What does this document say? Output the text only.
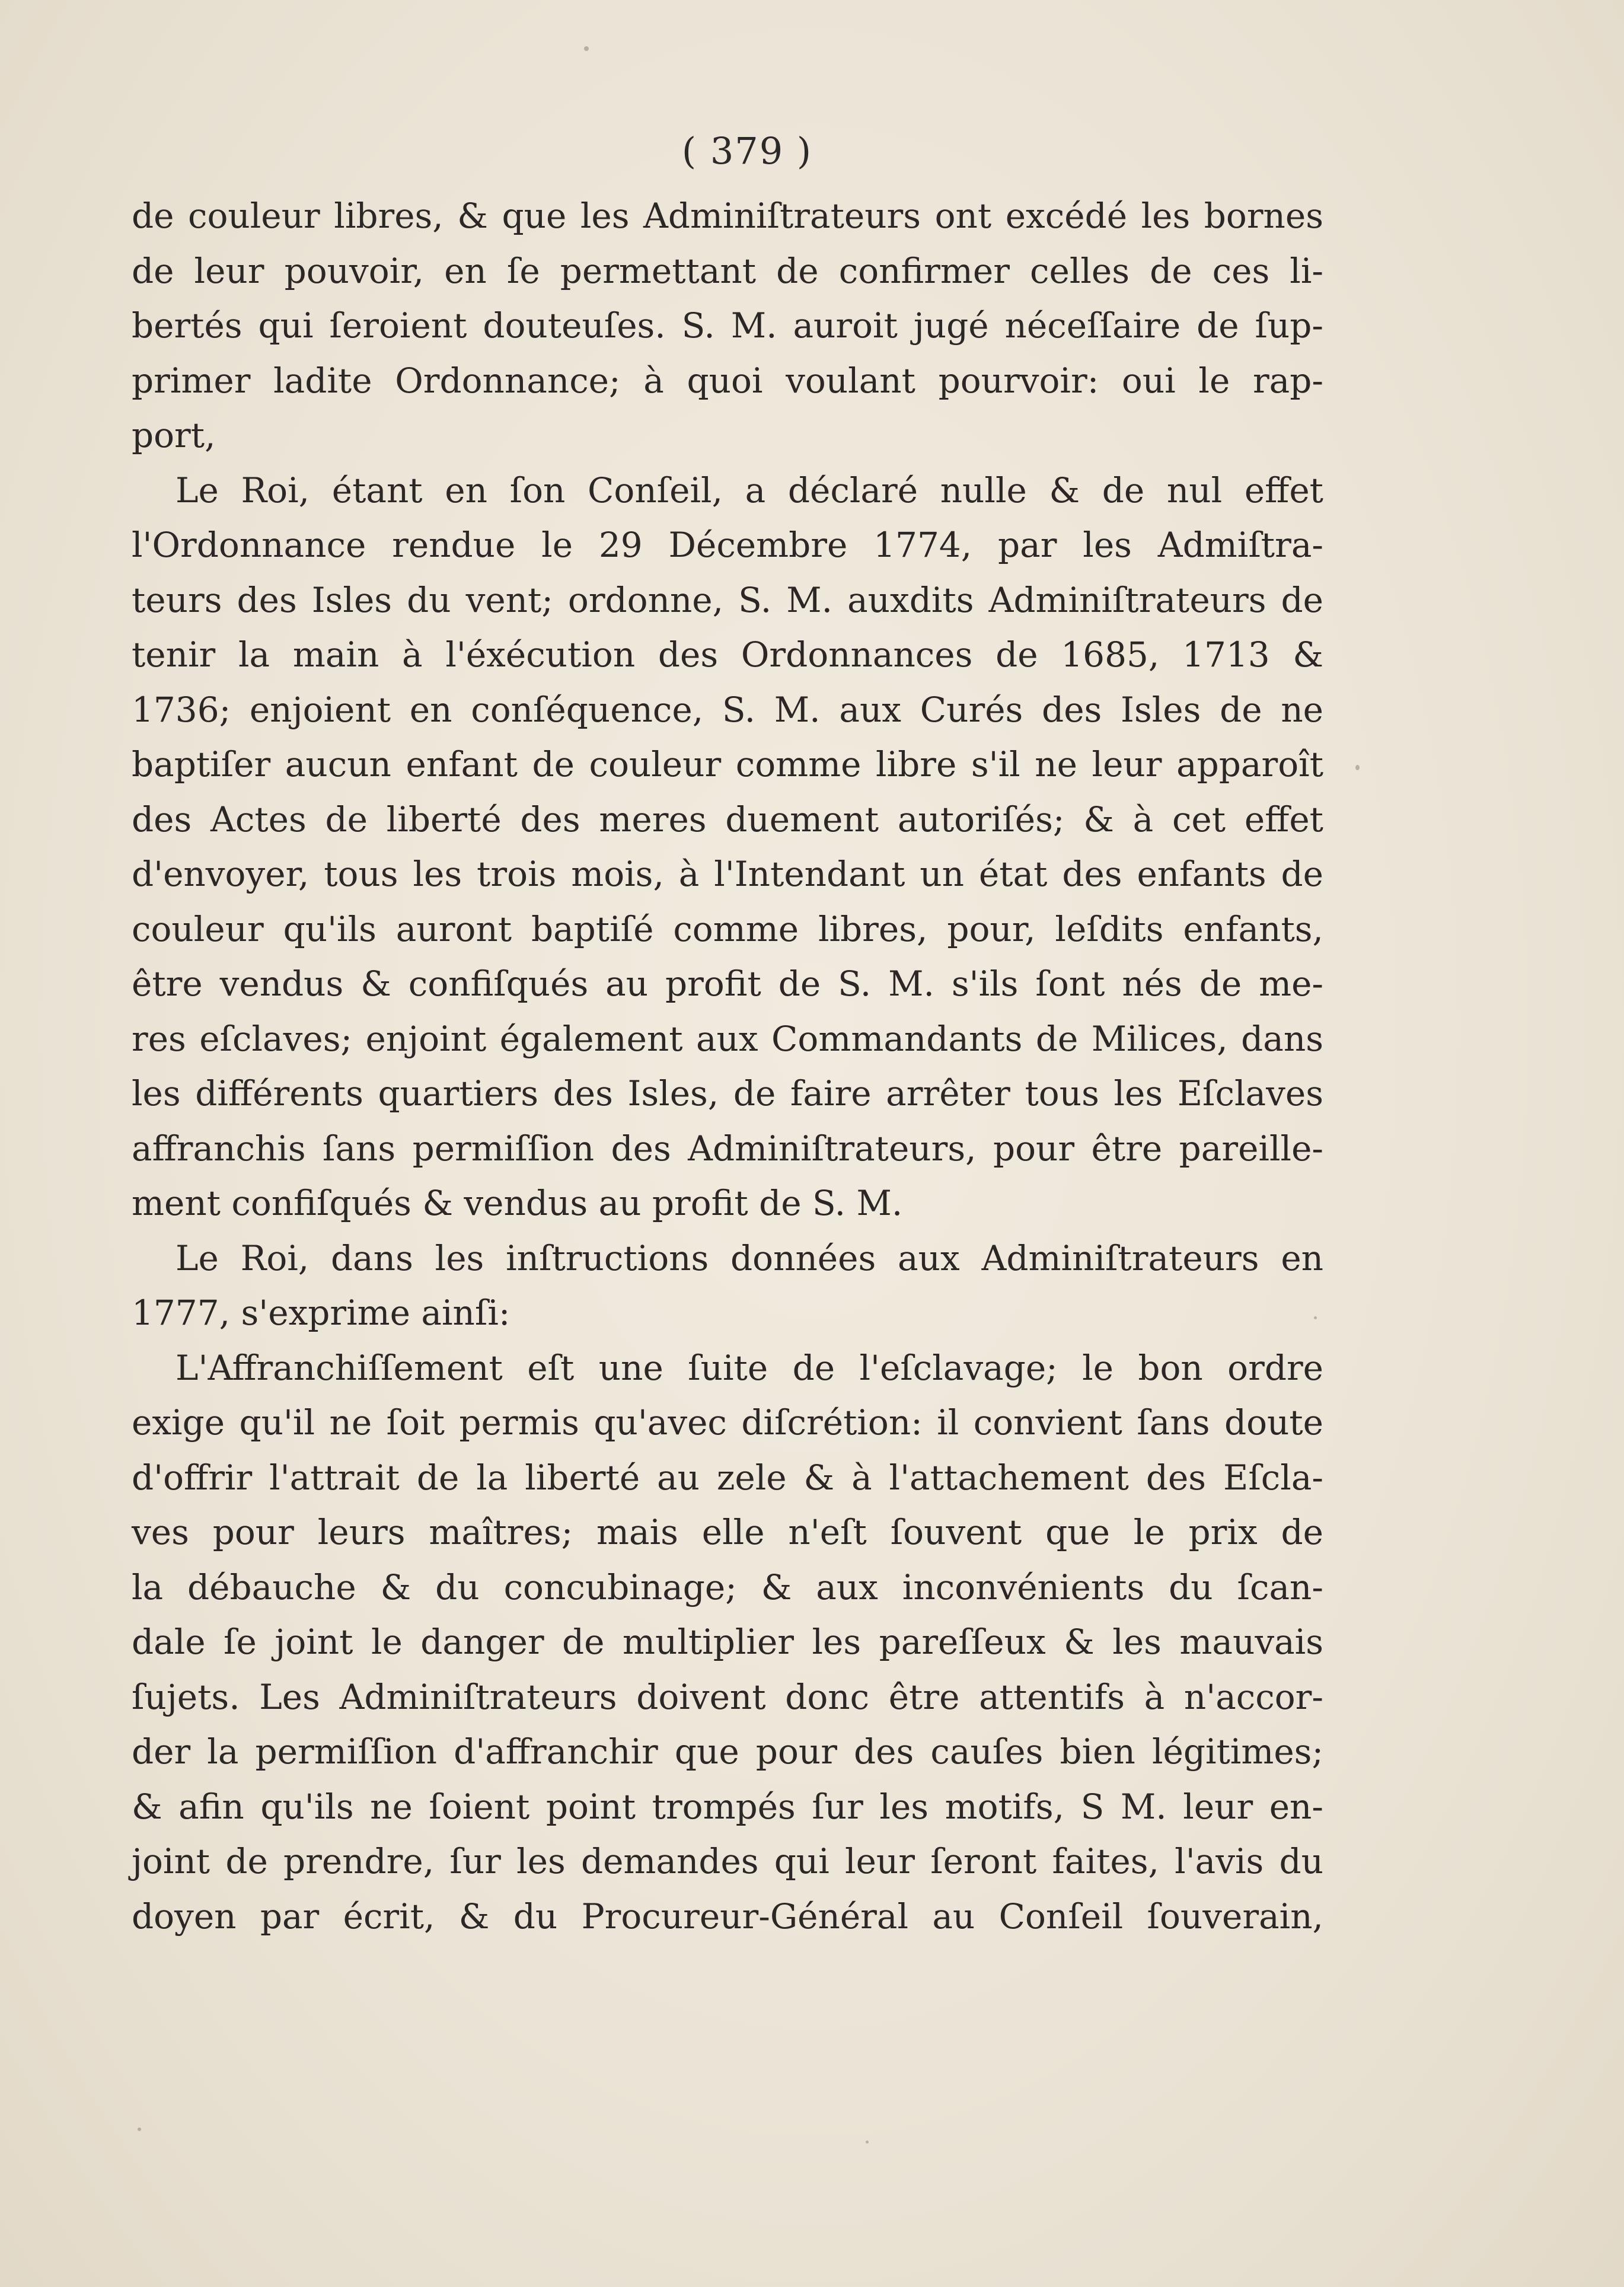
( 379 )
de couleur libres, & que les Adminiſtrateurs ont excédé les bornes
de leur pouvoir, en ſe permettant de confirmer celles de ces li-
bertés qui ſeroient douteuſes. S. M. auroit jugé néceſſaire de ſup-
primer ladite Ordonnance; à quoi voulant pourvoir: oui le rap-
port,
Le Roi, étant en ſon Conſeil, a déclaré nulle & de nul effet
l'Ordonnance rendue le 29 Décembre 1774, par les Admiſtra-
teurs des Isles du vent; ordonne, S. M. auxdits Adminiſtrateurs de
tenir la main à l'éxécution des Ordonnances de 1685, 1713 &
1736; enjoient en conſéquence, S. M. aux Curés des Isles de ne
baptiſer aucun enfant de couleur comme libre s'il ne leur apparoît
des Actes de liberté des meres duement autoriſés; & à cet effet
d'envoyer, tous les trois mois, à l'Intendant un état des enfants de
couleur qu'ils auront baptiſé comme libres, pour, leſdits enfants,
être vendus & confiſqués au profit de S. M. s'ils ſont nés de me-
res eſclaves; enjoint également aux Commandants de Milices, dans
les différents quartiers des Isles, de faire arrêter tous les Eſclaves
affranchis ſans permiſſion des Adminiſtrateurs, pour être pareille-
ment confiſqués & vendus au profit de S. M.
Le Roi, dans les inſtructions données aux Adminiſtrateurs en
1777, s'exprime ainſi:
L'Affranchiſſement eſt une ſuite de l'eſclavage; le bon ordre
exige qu'il ne ſoit permis qu'avec diſcrétion: il convient ſans doute
d'offrir l'attrait de la liberté au zele & à l'attachement des Eſcla-
ves pour leurs maîtres; mais elle n'eſt ſouvent que le prix de
la débauche & du concubinage; & aux inconvénients du ſcan-
dale ſe joint le danger de multiplier les pareſſeux & les mauvais
ſujets. Les Adminiſtrateurs doivent donc être attentifs à n'accor-
der la permiſſion d'affranchir que pour des cauſes bien légitimes;
& afin qu'ils ne ſoient point trompés ſur les motifs, S M. leur en-
joint de prendre, ſur les demandes qui leur ſeront faites, l'avis du
doyen par écrit, & du Procureur-Général au Conſeil ſouverain,
